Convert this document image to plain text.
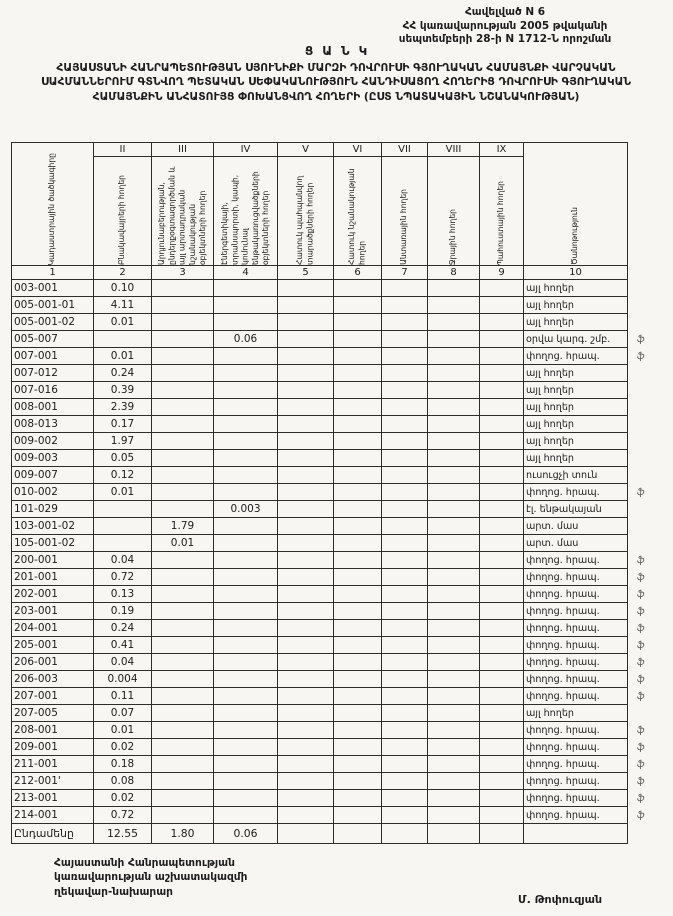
Հավելված N 6
ՀՀ կառավարության 2005 թվականի
սեպտեմբերի 28-ի N 1712-Ն որոշման
ՑԱՆԿ
ՀԱՅԱՍՏԱՆԻ ՀԱՆՐԱՊԵՏՈՒԹՅԱՆ ՍՅՈՒՆԻՔԻ ՄԱՐԶԻ ԴՈՎՐՈՒՍԻ ԳՅՈՒՂԱԿԱՆ ՀԱՄԱՅՆՔԻ ՎԱՐՉԱԿԱՆ ՍԱՀՄԱՆՆԵՐՈՒՄ ԳՏՆՎՈՂ ՊԵՏԱԿԱՆ ՍԵՓԱԿԱՆՈՒԹՅՈՒՆ ՀԱՆԴԻՍԱՑՈՂ ՀՈՂԵՐԻՑ ԴՈՎՐՈՒՍԻ ԳՅՈՒՂԱԿԱՆ ՀԱՄԱՅՆՔԻՆ ԱՆՀԱՏՈՒՅՑ ՓՈԽԱՆՑՎՈՂ ՀՈՂԵՐԻ (ԸՍՏ ՆՊԱՏԱԿԱՅԻՆ ՆՇԱՆԱԿՈՒԹՅԱՆ)
Կադաստրային ծածկագիրը	II	III	IV	V	VI	VII	VIII	IX	Ծանոթություն	

	Բնակավայրերի հողեր	Արդյունաբերության, ընդերքօգտագործման և այլ արտադրական նշանակության օբյեկտների հողեր	Էներգետիկայի, տրանսպորտի, կապի, կոմունալ ենթակառուցվածքների օբյեկտների հողեր	Հատուկ պահպանվող տարածքների հողեր	Հատուկ նշանակության հողեր	Անտառային հողեր	Ջրային հողեր	Պահուստային հողեր		

1	2	3	4	5	6	7	8	9	10	
003-001	0.10								այլ հողեր	
005-001-01	4.11								այլ հողեր	
005-001-02	0.01								այլ հողեր	
005-007			0.06						օրվա կարգ. շմբ.	ֆ
007-001	0.01								փողոց. հրապ.	ֆ
007-012	0.24								այլ հողեր	
007-016	0.39								այլ հողեր	
008-001	2.39								այլ հողեր	
008-013	0.17								այլ հողեր	
009-002	1.97								այլ հողեր	
009-003	0.05								այլ հողեր	
009-007	0.12								ուսուցչի տուն	
010-002	0.01								փողոց. հրապ.	ֆ
101-029			0.003						էլ. ենթակայան	
103-001-02		1.79							արտ. մաս	
105-001-02		0.01							արտ. մաս	
200-001	0.04								փողոց. հրապ.	ֆ
201-001	0.72								փողոց. հրապ.	ֆ
202-001	0.13								փողոց. հրապ.	ֆ
203-001	0.19								փողոց. հրապ.	ֆ
204-001	0.24								փողոց. հրապ.	ֆ
205-001	0.41								փողոց. հրապ.	ֆ
206-001	0.04								փողոց. հրապ.	ֆ
206-003	0.004								փողոց. հրապ.	ֆ
207-001	0.11								փողոց. հրապ.	ֆ
207-005	0.07								այլ հողեր	
208-001	0.01								փողոց. հրապ.	ֆ
209-001	0.02								փողոց. հրապ.	ֆ
211-001	0.18								փողոց. հրապ.	ֆ
212-001'	0.08								փողոց. հրապ.	ֆ
213-001	0.02								փողոց. հրապ.	ֆ
214-001	0.72								փողոց. հրապ.	ֆ
Ընդամենը	12.55	1.80	0.06							
Հայաստանի Հանրապետության
կառավարության աշխատակազմի
ղեկավար-նախարար
Մ. Թոփուզյան
